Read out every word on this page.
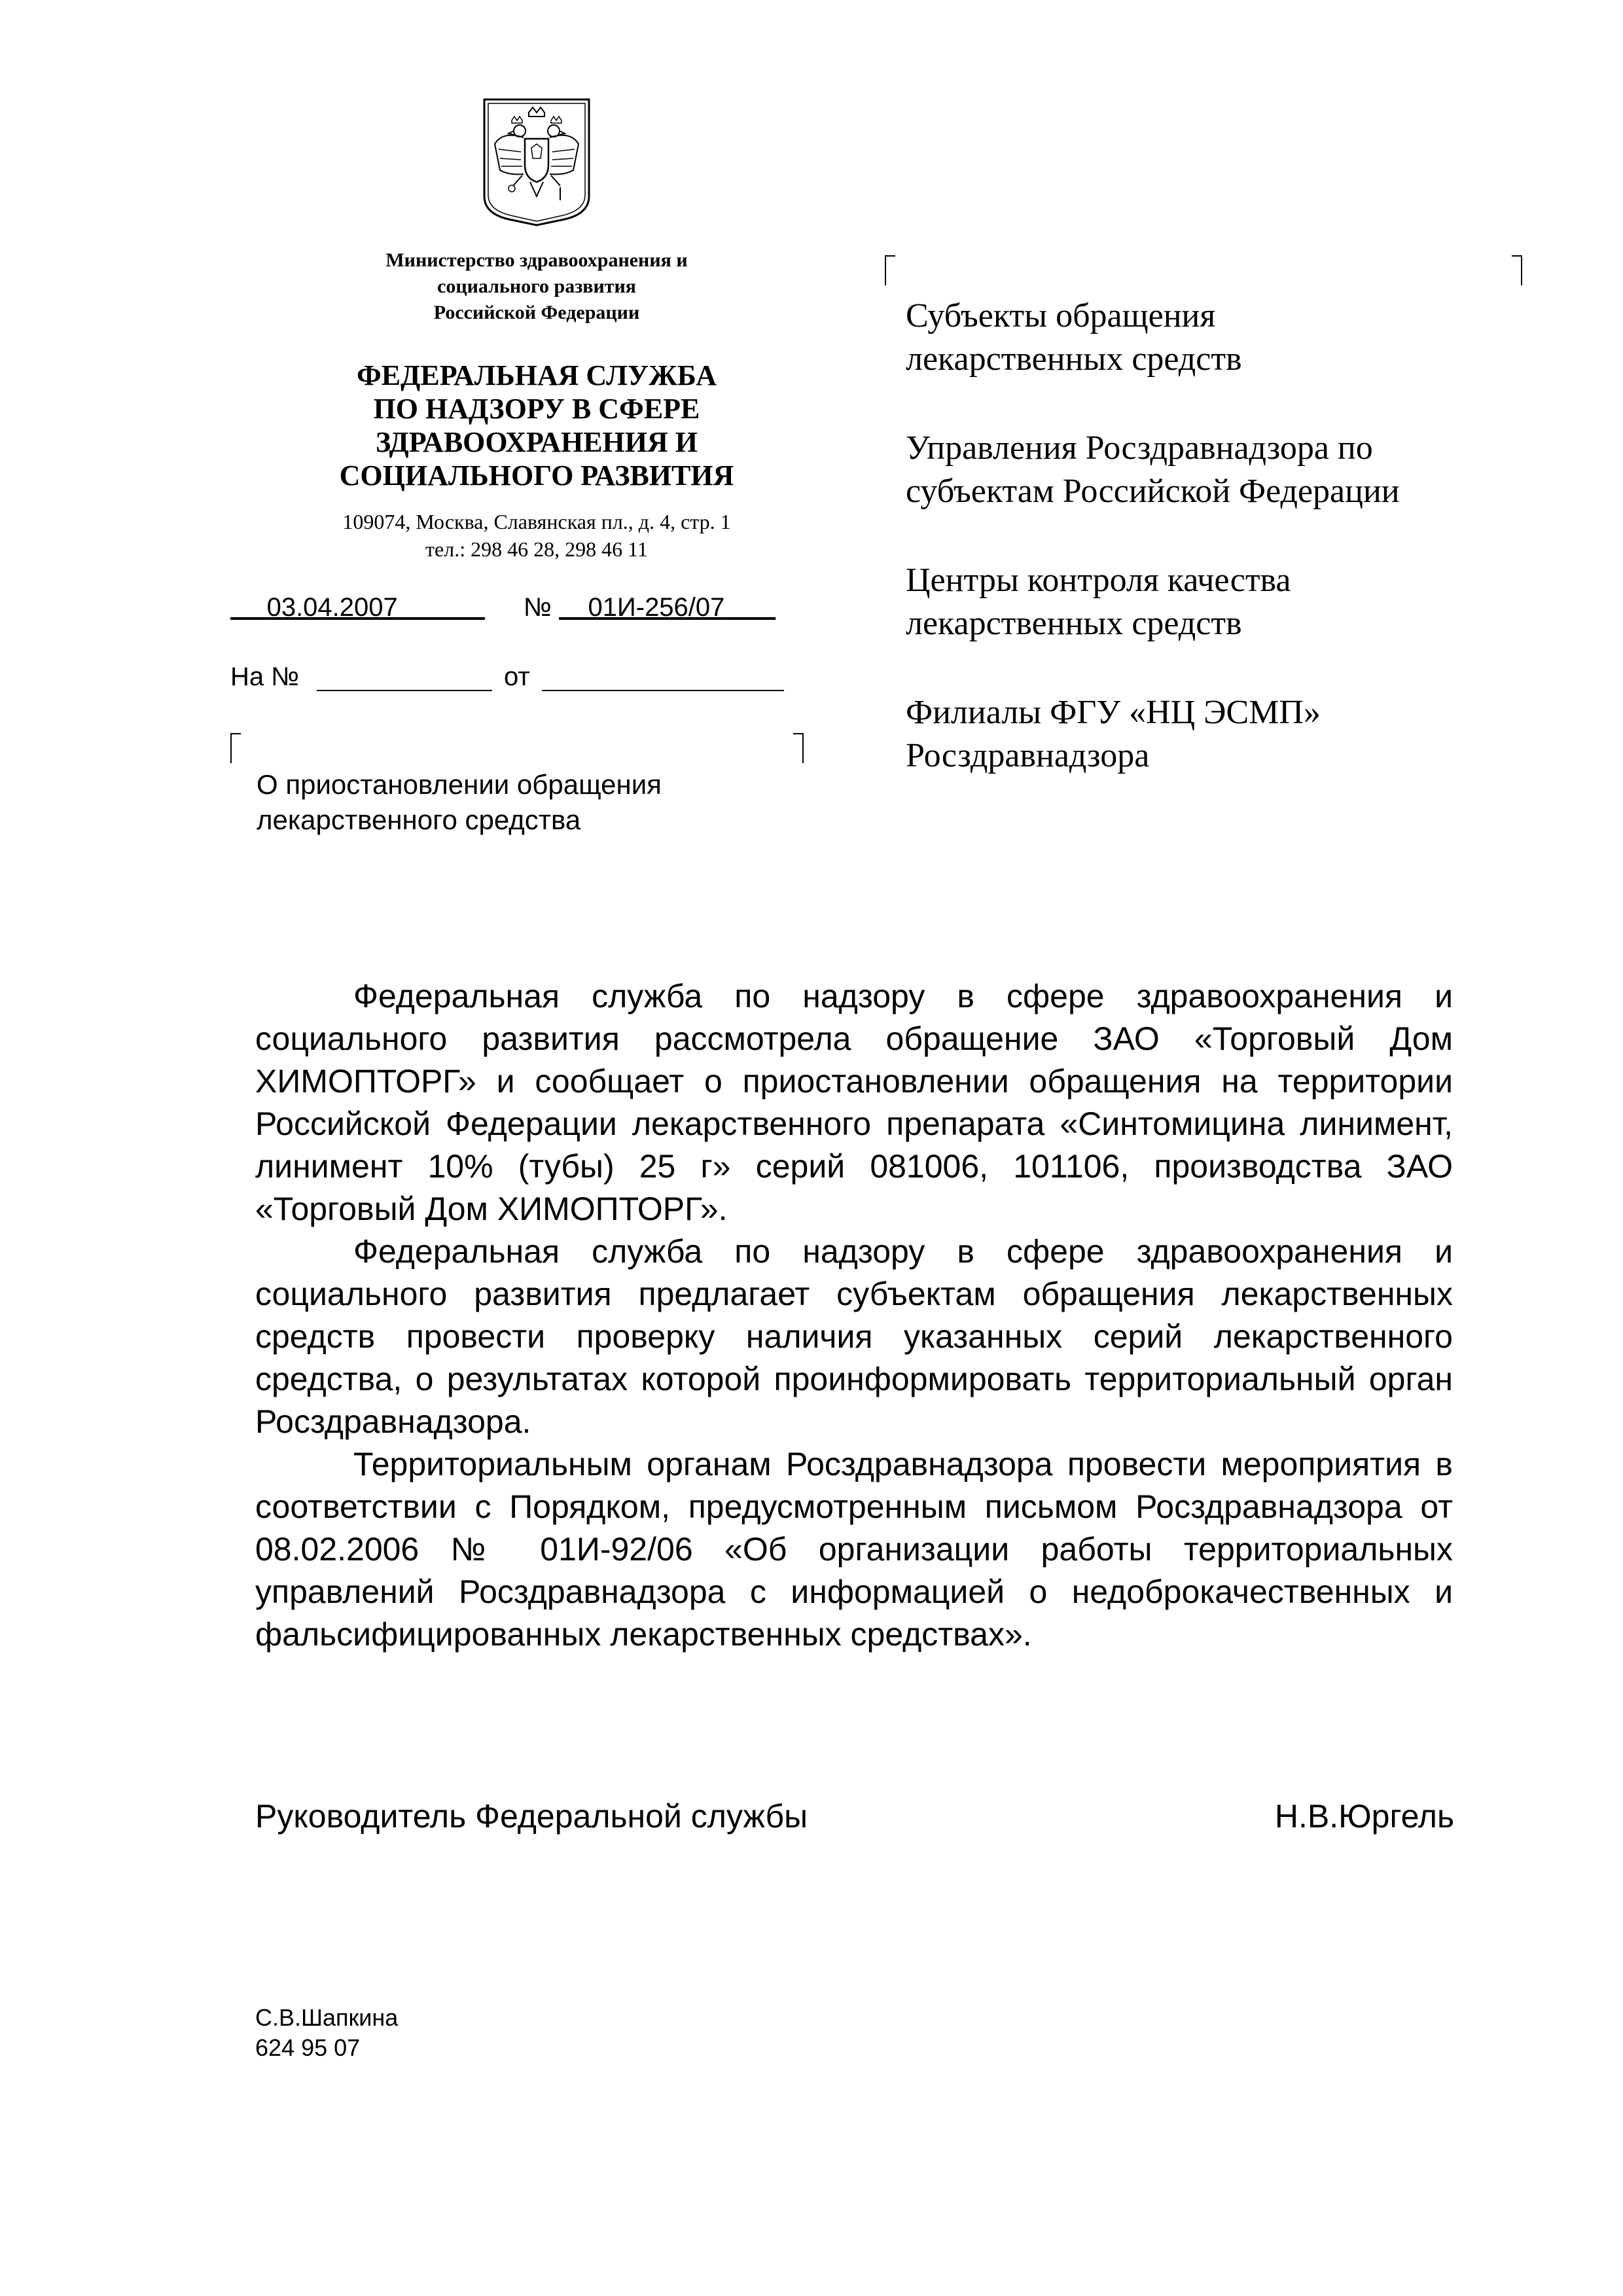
Министерство здравоохранения и
социального развития
Российской Федерации
ФЕДЕРАЛЬНАЯ СЛУЖБА
ПО НАДЗОРУ В СФЕРЕ
ЗДРАВООХРАНЕНИЯ И
СОЦИАЛЬНОГО РАЗВИТИЯ
109074, Москва, Славянская пл., д. 4, стр. 1
тел.: 298 46 28, 298 46 11
03.04.2007	№ 01И-256/07
На №	от
О приостановлении обращения
лекарственного средства
Субъекты обращения
лекарственных средств
Управления Росздравнадзора по
субъектам Российской Федерации
Центры контроля качества
лекарственных средств
Филиалы ФГУ «НЦ ЭСМП»
Росздравнадзора

Федеральная служба по надзору в сфере здравоохранения и социального развития рассмотрела обращение ЗАО «Торговый Дом ХИМОПТОРГ» и сообщает о приостановлении обращения на территории Российской Федерации лекарственного препарата «Синтомицина линимент, линимент 10% (тубы) 25 г» серий 081006, 101106, производства ЗАО «Торговый Дом ХИМОПТОРГ».

Федеральная служба по надзору в сфере здравоохранения и социального развития предлагает субъектам обращения лекарственных средств провести проверку наличия указанных серий лекарственного средства, о результатах которой проинформировать территориальный орган Росздравнадзора.

Территориальным органам Росздравнадзора провести мероприятия в соответствии с Порядком, предусмотренным письмом Росздравнадзора от 08.02.2006 № 01И-92/06 «Об организации работы территориальных управлений Росздравнадзора с информацией о недоброкачественных и фальсифицированных лекарственных средствах».

Руководитель Федеральной службы	Н.В.Юргель
С.В.Шапкина
624 95 07
